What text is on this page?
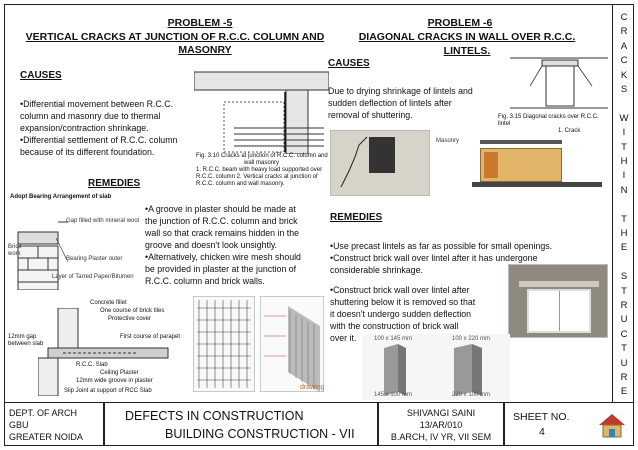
PROBLEM -5
VERTICAL CRACKS AT JUNCTION OF R.C.C. COLUMN AND
MASONRY
PROBLEM -6
DIAGONAL CRACKS IN WALL OVER R.C.C. LINTELS.
CAUSES
•Differential movement between R.C.C.
column and masonry due to thermal
expansion/contraction shrinkage.
•Differential settlement of R.C.C. column
because of its different foundation.	Fig. 3.10 Cracks at junction of R.C.C. column and
wall masonry
1. R.C.C. beam with heavy load supported over
R.C.C. column 2. Vertical cracks at junction of
R.C.C. column and wall masonry.
REMEDIES
Adopt Bearing Arrangement of slab
Gap filled with mineral wool
Bearing Plaster outer
Layer of Tarred Paper/Bitumen
Brick work
•A groove in plaster should be made at
the junction of R.C.C. column and brick
wall so that crack remains hidden in the
groove and doesn't look unsightly.
•Alternatively, chicken wire mesh should
be provided in plaster at the junction of
R.C.C. column and brick walls.
Concrete fillet
One course of brick tiles
Protective cover
First course of parapet
12mm gap between slab
R.C.C. Slab
Ceiling Plaster
12mm wide groove in plaster
Slip Joint at support of RCC Slab	drawing
CAUSES
Due to drying shrinkage of lintels and
sudden deflection of lintels after
removal of shuttering.	Fig. 3.15 Diagonal cracks over R.C.C. lintel
1. Crack
Masonry
REMEDIES
•Use precast lintels as far as possible for small openings.
•Construct brick wall over lintel after it has undergone
considerable shrinkage.
•Construct brick wall over lintel after
shuttering below it is removed so that
it doesn't undergo sudden deflection
with the construction of brick wall
over it.	100 x 145 mm	100 x 220 mm
145 x 100 mm	220 x 100 mm
C
R
A
C
K
S
W
I
T
H
I
N
T
H
E
S
T
R
U
C
T
U
R
E
DEPT. OF ARCH
GBU
GREATER NOIDA
DEFECTS IN CONSTRUCTION
BUILDING CONSTRUCTION - VII
SHIVANGI SAINI
13/AR/010
B.ARCH, IV YR, VII SEM
SHEET NO.
4
